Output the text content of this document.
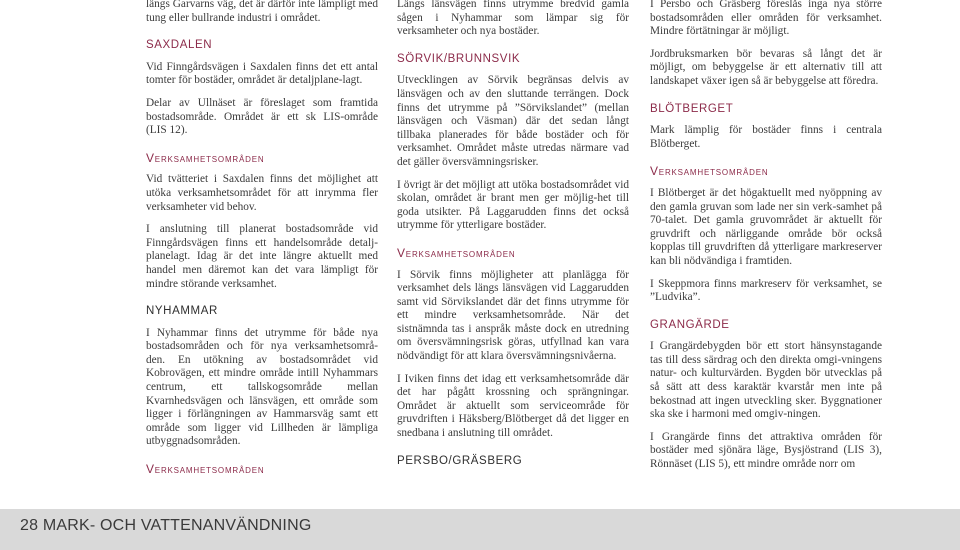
längs Garvarns väg, det är därför inte lämpligt med tung eller bullrande industri i området.

SAXDALEN

Vid Finngårdsvägen i Saxdalen finns det ett antal tomter för bostäder, området är detaljplane-lagt.

Delar av Ullnäset är föreslaget som framtida bostadsområde. Området är ett sk LIS-område (LIS 12).

Verksamhetsområden

Vid tvätteriet i Saxdalen finns det möjlighet att utöka verksamhetsområdet för att inrymma fler verksamheter vid behov.

I anslutning till planerat bostadsområde vid Finngårdsvägen finns ett handelsområde detalj-planelagt. Idag är det inte längre aktuellt med handel men däremot kan det vara lämpligt för mindre störande verksamhet.

NYHAMMAR

I Nyhammar finns det utrymme för både nya bostadsområden och för nya verksamhetsområ-den. En utökning av bostadsområdet vid Kobrovägen, ett mindre område intill Nyhammars centrum, ett tallskogsområde mellan Kvarnhedsvägen och länsvägen, ett område som ligger i förlängningen av Hammarsväg samt ett område som ligger vid Lillheden är lämpliga utbyggnadsområden.

Verksamhetsområden

Längs länsvägen finns utrymme bredvid gamla sågen i Nyhammar som lämpar sig för verksamheter och nya bostäder.

SÖRVIK/BRUNNSVIK

Utvecklingen av Sörvik begränsas delvis av länsvägen och av den sluttande terrängen. Dock finns det utrymme på ”Sörvikslandet” (mellan länsvägen och Väsman) där det sedan långt tillbaka planerades för både bostäder och för verksamhet. Området måste utredas närmare vad det gäller översvämningsrisker.

I övrigt är det möjligt att utöka bostadsområdet vid skolan, området är brant men ger möjlig-het till goda utsikter. På Laggarudden finns det också utrymme för ytterligare bostäder.

Verksamhetsområden

I Sörvik finns möjligheter att planlägga för verksamhet dels längs länsvägen vid Laggarudden samt vid Sörvikslandet där det finns utrymme för ett mindre verksamhetsområde. När det sistnämnda tas i anspråk måste dock en utredning om översvämningsrisk göras, utfyllnad kan vara nödvändigt för att klara översvämningsnivåerna.

I Iviken finns det idag ett verksamhetsområde där det har pågått krossning och sprängningar. Området är aktuellt som serviceområde för gruvdriften i Häksberg/Blötberget då det ligger en snedbana i anslutning till området.

PERSBO/GRÄSBERG

I Persbo och Gräsberg föreslås inga nya större bostadsområden eller områden för verksamhet. Mindre förtätningar är möjligt.

Jordbruksmarken bör bevaras så långt det är möjligt, om bebyggelse är ett alternativ till att landskapet växer igen så är bebyggelse att föredra.

BLÖTBERGET

Mark lämplig för bostäder finns i centrala Blötberget.

Verksamhetsområden

I Blötberget är det högaktuellt med nyöppning av den gamla gruvan som lade ner sin verk-samhet på 70-talet. Det gamla gruvområdet är aktuellt för gruvdrift och närliggande område bör också kopplas till gruvdriften då ytterligare markreserver kan bli nödvändiga i framtiden.

I Skeppmora finns markreserv för verksamhet, se ”Ludvika”.

GRANGÄRDE

I Grangärdebygden bör ett stort hänsynstagande tas till dess särdrag och den direkta omgi-vningens natur- och kulturvärden. Bygden bör utvecklas på så sätt att dess karaktär kvarstår men inte på bekostnad att ingen utveckling sker. Byggnationer ska ske i harmoni med omgiv-ningen.

I Grangärde finns det attraktiva områden för bostäder med sjönära läge, Bysjöstrand (LIS 3), Rönnäset (LIS 5), ett mindre område norr om

28 MARK- OCH VATTENANVÄNDNING
